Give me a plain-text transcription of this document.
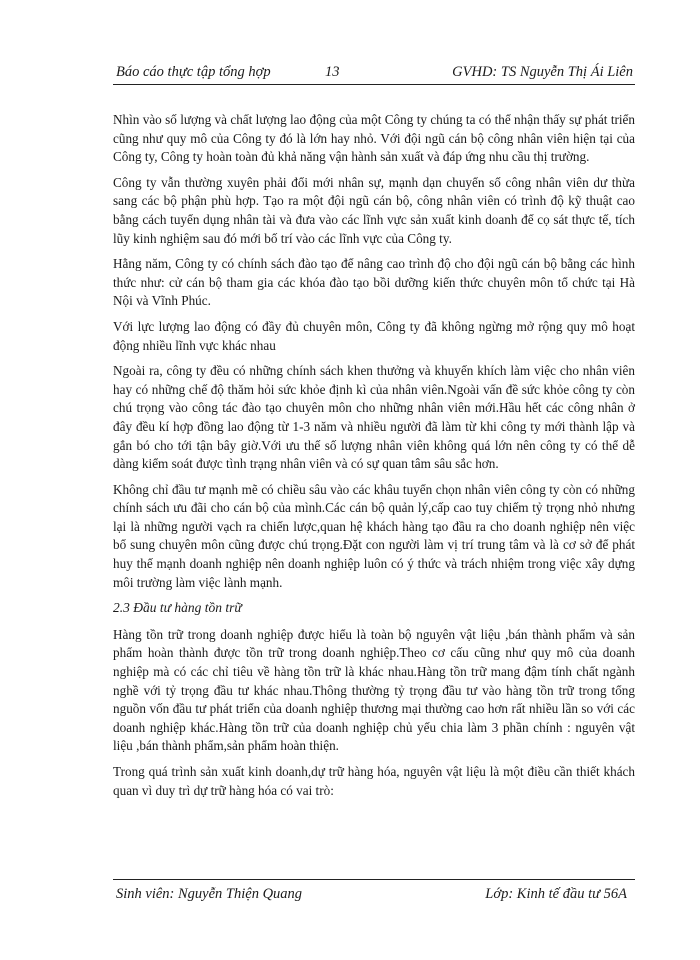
Báo cáo thực tập tổng hợp	13	GVHD: TS Nguyễn Thị Ái Liên

Nhìn vào số lượng và chất lượng lao động của một Công ty chúng ta có thể nhận thấy sự phát triển cũng như quy mô của Công ty đó là lớn hay nhỏ. Với đội ngũ cán bộ công nhân viên hiện tại của Công ty, Công ty hoàn toàn đủ khả năng vận hành sản xuất và đáp ứng nhu cầu thị trường.

Công ty vẫn thường xuyên phải đổi mới nhân sự, mạnh dạn chuyển số công nhân viên dư thừa sang các bộ phận phù hợp. Tạo ra một đội ngũ cán bộ, công nhân viên có trình độ kỹ thuật cao bằng cách tuyển dụng nhân tài và đưa vào các lĩnh vực sản xuất kinh doanh để cọ sát thực tế, tích lũy kinh nghiệm sau đó mới bố trí vào các lĩnh vực của Công ty.

Hằng năm, Công ty có chính sách đào tạo để nâng cao trình độ cho đội ngũ cán bộ bằng các hình thức như: cử cán bộ tham gia các khóa đào tạo bồi dưỡng kiến thức chuyên môn tổ chức tại Hà Nội và Vĩnh Phúc.

Với lực lượng lao động có đầy đủ chuyên môn, Công ty đã không ngừng mở rộng quy mô hoạt động nhiều lĩnh vực khác nhau

Ngoài ra, công ty đều có những chính sách khen thưởng và khuyến khích làm việc cho nhân viên hay có những chế độ thăm hỏi sức khỏe định kì của nhân viên.Ngoài vấn đề sức khỏe công ty còn chú trọng vào công tác đào tạo chuyên môn cho những nhân viên mới.Hầu hết các công nhân ở đây đều kí hợp đồng lao động từ 1-3 năm và nhiều người đã làm từ khi công ty mới thành lập và gắn bó cho tới tận bây giờ.Với ưu thế số lượng nhân viên không quá lớn nên công ty có thể dễ dàng kiểm soát được tình trạng nhân viên và có sự quan tâm sâu sắc hơn.

Không chỉ đầu tư mạnh mẽ có chiều sâu vào các khâu tuyển chọn nhân viên công ty còn có những chính sách ưu đãi cho cán bộ của mình.Các cán bộ quản lý,cấp cao tuy chiếm tỷ trọng nhỏ nhưng lại là những người vạch ra chiến lược,quan hệ khách hàng tạo đầu ra cho doanh nghiệp nên việc bổ sung chuyên môn cũng được chú trọng.Đặt con người làm vị trí trung tâm và là cơ sở để phát huy thế mạnh doanh nghiệp nên doanh nghiệp luôn có ý thức và trách nhiệm trong việc xây dựng môi trường làm việc lành mạnh.

2.3 Đầu tư hàng tồn trữ

Hàng tồn trữ trong doanh nghiệp được hiểu là toàn bộ nguyên vật liệu ,bán thành phẩm và sản phẩm hoàn thành được tồn trữ trong doanh nghiệp.Theo cơ cấu cũng như quy mô của doanh nghiệp mà có các chỉ tiêu về hàng tồn trữ là khác nhau.Hàng tồn trữ mang đậm tính chất ngành nghề với tỷ trọng đầu tư khác nhau.Thông thường tỷ trọng đầu tư vào hàng tồn trữ trong tổng nguồn vốn đầu tư phát triển của doanh nghiệp thương mại thường cao hơn rất nhiều lần so với các doanh nghiệp khác.Hàng tồn trữ của doanh nghiệp chủ yếu chia làm 3 phần chính : nguyên vật liệu ,bán thành phẩm,sản phẩm hoàn thiện.

Trong quá trình sản xuất kinh doanh,dự trữ hàng hóa, nguyên vật liệu là một điều cần thiết khách quan vì duy trì dự trữ hàng hóa có vai trò:

Sinh viên: Nguyễn Thiện Quang	Lớp: Kinh tế đầu tư 56A
